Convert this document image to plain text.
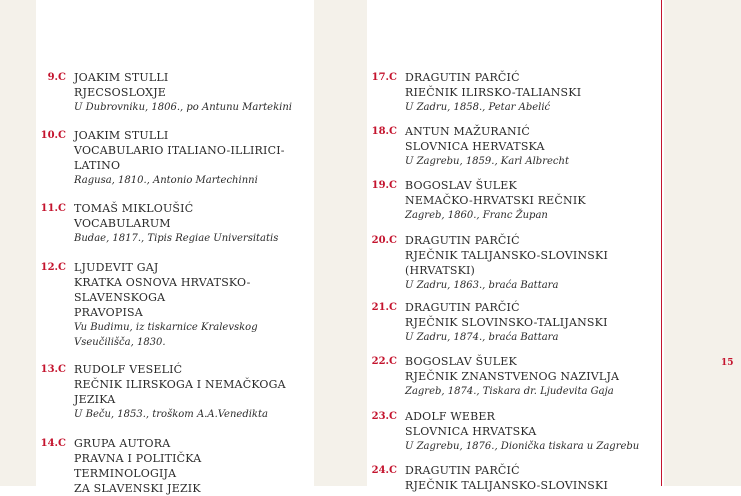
9.C JOAKIM STULLI
RJECSOSLOXJE
U Dubrovniku, 1806., po Antunu Martekini
10.C JOAKIM STULLI
VOCABULARIO ITALIANO-ILLIRICI-
LATINO
Ragusa, 1810., Antonio Martechinni
11.C TOMAŠ MIKLOUŠIĆ
VOCABULARUM
Budae, 1817., Tipis Regiae Universitatis
12.C LJUDEVIT GAJ
KRATKA OSNOVA HRVATSKO-
SLAVENSKOGA
PRAVOPISA
Vu Budimu, iz tiskarnice Kralevskog
Vseučilišča, 1830.
13.C RUDOLF VESELIĆ
REČNIK ILIRSKOGA I NEMAČKOGA
JEZIKA
U Beču, 1853., troškom A.A.Venedikta
14.C GRUPA AUTORA
PRAVNA I POLITIČKA
TERMINOLOGIJA
ZA SLAVENSKI JEZIK
17.C DRAGUTIN PARČIĆ
RIEČNIK ILIRSKO-TALIANSKI
U Zadru, 1858., Petar Abelić
18.C ANTUN MAŽURANIĆ
SLOVNICA HERVATSKA
U Zagrebu, 1859., Karl Albrecht
19.C BOGOSLAV ŠULEK
NEMAČKO-HRVATSKI REČNIK
Zagreb, 1860., Franc Župan
20.C DRAGUTIN PARČIĆ
RJEČNIK TALIJANSKO-SLOVINSKI
(HRVATSKI)
U Zadru, 1863., braća Battara
21.C DRAGUTIN PARČIĆ
RJEČNIK SLOVINSKO-TALIJANSKI
U Zadru, 1874., braća Battara
22.C BOGOSLAV ŠULEK
RJEČNIK ZNANSTVENOG NAZIVLJA
Zagreb, 1874., Tiskara dr. Ljudevita Gaja
23.C ADOLF WEBER
SLOVNICA HRVATSKA
U Zagrebu, 1876., Dionička tiskara u Zagrebu
24.C DRAGUTIN PARČIĆ
RJEČNIK TALIJANSKO-SLOVINSKI
15
